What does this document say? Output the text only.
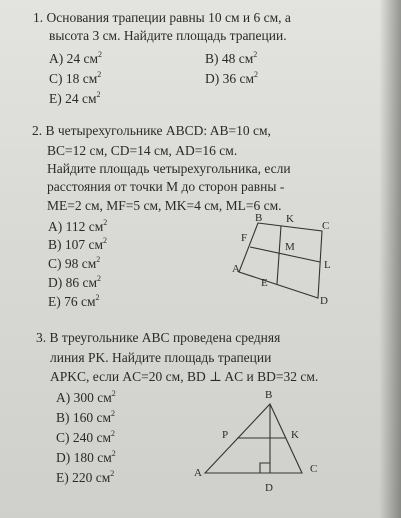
1. Основания трапеции равны 10 см и 6 см, а
высота 3 см. Найдите площадь трапеции.
A) 24 $см^2$	B) 48 $см^2$
C) 18 $см^2$	D) 36 $см^2$
E) 24 $см^2$
2. В четырехугольнике ABCD: AB=10 см,
BC=12 см, CD=14 см, AD=16 см.
Найдите площадь четырехугольника, если
расстояния от точки M до сторон равны -
ME=2 см, MF=5 см, MK=4 см, ML=6 см.
A) 112 $см^2$
B) 107 $см^2$
C) 98 $см^2$
D) 86 $см^2$
E) 76 $см^2$
B K
C
F
M
L
A
E
D
3. В треугольнике ABC проведена средняя
линия PK. Найдите площадь трапеции
APKC, если AC=20 см, BD ⊥ AC и BD=32 см.
A) 300 $см^2$
B) 160 $см^2$
C) 240 $см^2$
D) 180 $см^2$
E) 220 $см^2$
B
P	K
A	C
D
